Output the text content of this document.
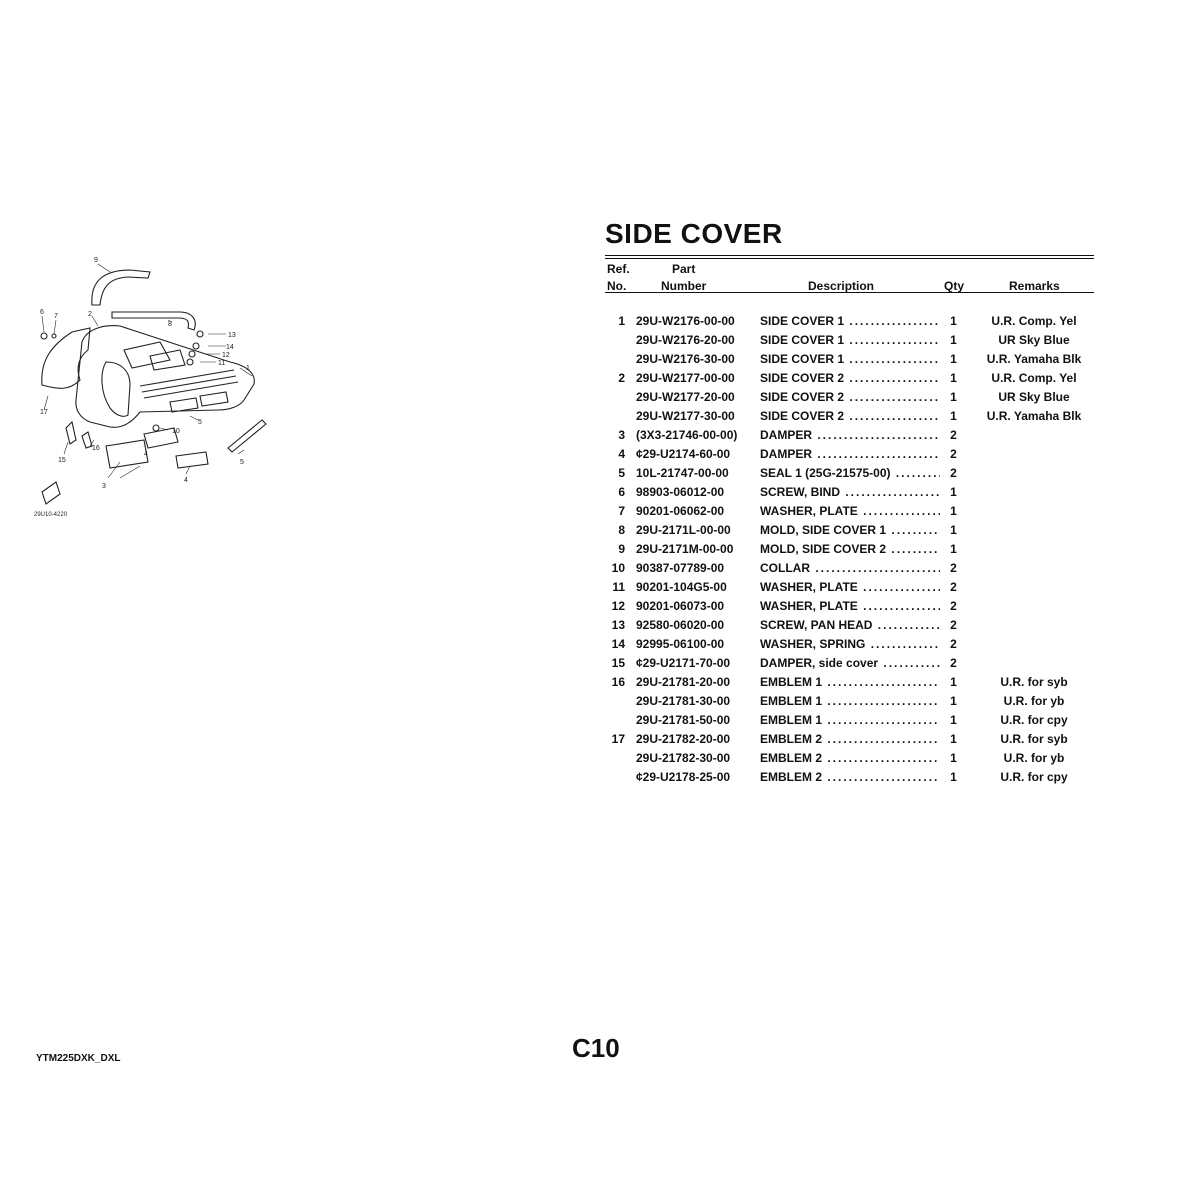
9
6
7	2
8
13
14
12
11
1
17
16
15
10
3
4
4
5
5
29U10-4220
SIDE COVER
Ref.
No.
Part
Number	Description	Qty	Remarks
1 29U-W2176-00-00 SIDE COVER 1 .....	1	U.R. Comp. Yel
29U-W2176-20-00 SIDE COVER 1 .....	1	UR Sky Blue
29U-W2176-30-00 SIDE COVER 1 .....	1	U.R. Yamaha Blk
2 29U-W2177-00-00 SIDE COVER 2 .....	1	U.R. Comp. Yel
29U-W2177-20-00 SIDE COVER 2 .....	1	UR Sky Blue
29U-W2177-30-00 SIDE COVER 2 .....	1	U.R. Yamaha Blk
3 (3X3-21746-00-00) DAMPER .....	2
4 ¢29-U2174-60-00 DAMPER .....	2
5 10L-21747-00-00	SEAL 1 (25G-21575-00) .....	2
6 98903-06012-00	SCREW, BIND .....	1
7 90201-06062-00	WASHER, PLATE .....	1
8 29U-2171L-00-00 MOLD, SIDE COVER 1 .....	1
9 29U-2171M-00-00 MOLD, SIDE COVER 2 .....	1
10 90387-07789-00	COLLAR .....	2
11 90201-104G5-00	WASHER, PLATE .....	2
12 90201-06073-00	WASHER, PLATE .....	2
13 92580-06020-00	SCREW, PAN HEAD .....	2
14 92995-06100-00	WASHER, SPRING .....	2
15 ¢29-U2171-70-00 DAMPER, side cover .....	2
16 29U-21781-20-00 EMBLEM 1 .....	1	U.R. for syb
29U-21781-30-00 EMBLEM 1 .....	1	U.R. for yb
29U-21781-50-00 EMBLEM 1 .....	1	U.R. for cpy
17 29U-21782-20-00 EMBLEM 2 .....	1	U.R. for syb
29U-21782-30-00 EMBLEM 2 .....	1	U.R. for yb
¢29-U2178-25-00 EMBLEM 2 .....	1	U.R. for cpy
C10
YTM225DXK_DXL
